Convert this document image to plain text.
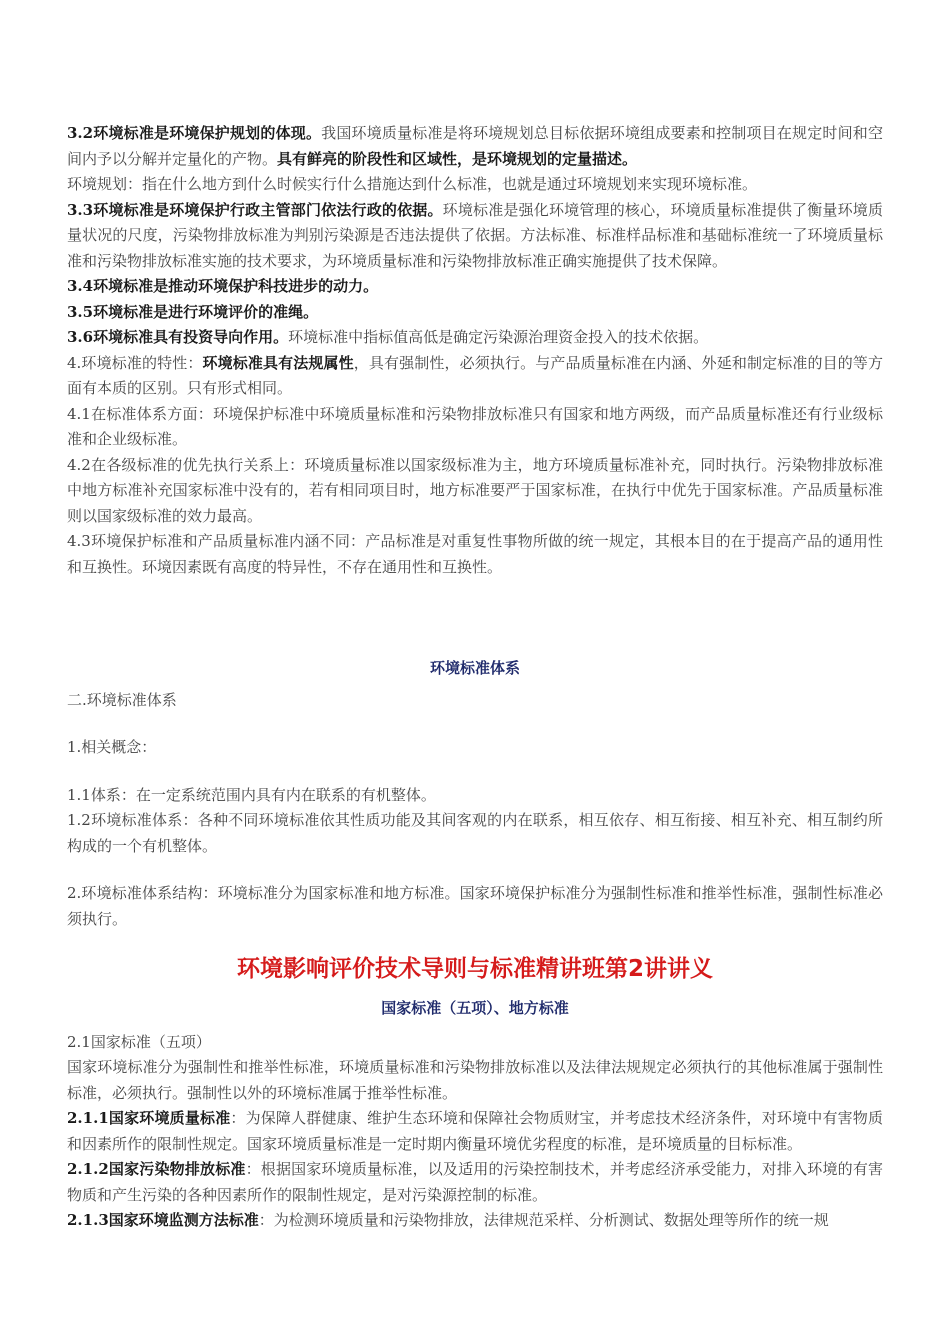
3.2环境标准是环境保护规划的体现。我国环境质量标准是将环境规划总目标依据环境组成要素和控制项目在规定时间和空间内予以分解并定量化的产物。具有鲜亮的阶段性和区域性，是环境规划的定量描述。

环境规划：指在什么地方到什么时候实行什么措施达到什么标准，也就是通过环境规划来实现环境标准。

3.3环境标准是环境保护行政主管部门依法行政的依据。环境标准是强化环境管理的核心，环境质量标准提供了衡量环境质量状况的尺度，污染物排放标准为判别污染源是否违法提供了依据。方法标准、标准样品标准和基础标准统一了环境质量标准和污染物排放标准实施的技术要求，为环境质量标准和污染物排放标准正确实施提供了技术保障。

3.4环境标准是推动环境保护科技进步的动力。

3.5环境标准是进行环境评价的准绳。

3.6环境标准具有投资导向作用。环境标准中指标值高低是确定污染源治理资金投入的技术依据。

4.环境标准的特性：环境标准具有法规属性，具有强制性，必须执行。与产品质量标准在内涵、外延和制定标准的目的等方面有本质的区别。只有形式相同。

4.1在标准体系方面：环境保护标准中环境质量标准和污染物排放标准只有国家和地方两级，而产品质量标准还有行业级标准和企业级标准。

4.2在各级标准的优先执行关系上：环境质量标准以国家级标准为主，地方环境质量标准补充，同时执行。污染物排放标准中地方标准补充国家标准中没有的，若有相同项目时，地方标准要严于国家标准，在执行中优先于国家标准。产品质量标准则以国家级标准的效力最高。

4.3环境保护标准和产品质量标准内涵不同：产品标准是对重复性事物所做的统一规定，其根本目的在于提高产品的通用性和互换性。环境因素既有高度的特异性，不存在通用性和互换性。

环境标准体系

二.环境标准体系

1.相关概念：

1.1体系：在一定系统范围内具有内在联系的有机整体。

1.2环境标准体系：各种不同环境标准依其性质功能及其间客观的内在联系，相互依存、相互衔接、相互补充、相互制约所构成的一个有机整体。

2.环境标准体系结构：环境标准分为国家标准和地方标准。国家环境保护标准分为强制性标准和推举性标准，强制性标准必须执行。

环境影响评价技术导则与标准精讲班第2讲讲义

国家标准（五项）、地方标准

2.1国家标准（五项）

国家环境标准分为强制性和推举性标准，环境质量标准和污染物排放标准以及法律法规规定必须执行的其他标准属于强制性标准，必须执行。强制性以外的环境标准属于推举性标准。

2.1.1国家环境质量标准：为保障人群健康、维护生态环境和保障社会物质财宝，并考虑技术经济条件，对环境中有害物质和因素所作的限制性规定。国家环境质量标准是一定时期内衡量环境优劣程度的标准，是环境质量的目标标准。

2.1.2国家污染物排放标准：根据国家环境质量标准，以及适用的污染控制技术，并考虑经济承受能力，对排入环境的有害物质和产生污染的各种因素所作的限制性规定，是对污染源控制的标准。

2.1.3国家环境监测方法标准：为检测环境质量和污染物排放，法律规范采样、分析测试、数据处理等所作的统一规
